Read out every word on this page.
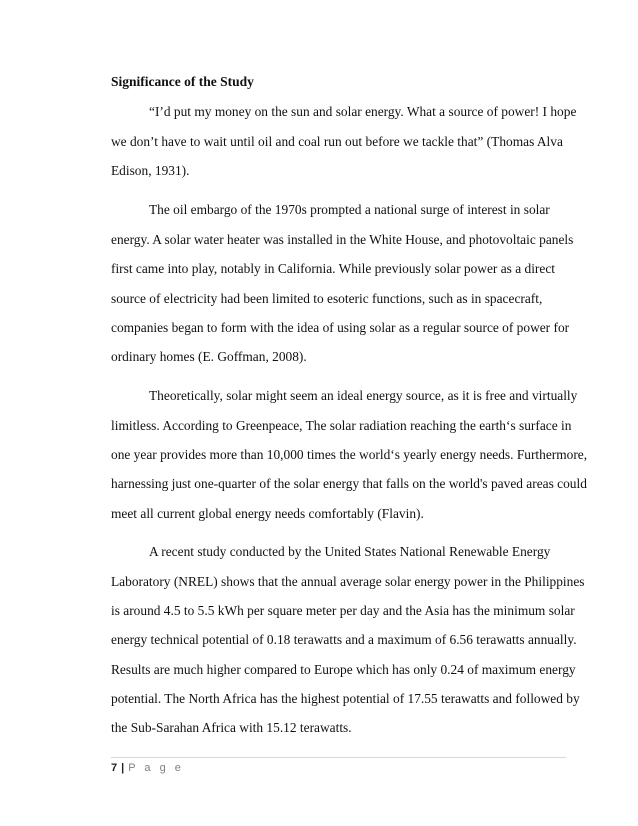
Significance of the Study
“I’d put my money on the sun and solar energy. What a source of power! I hope
we don’t have to wait until oil and coal run out before we tackle that” (Thomas Alva
Edison, 1931).
The oil embargo of the 1970s prompted a national surge of interest in solar
energy. A solar water heater was installed in the White House, and photovoltaic panels
first came into play, notably in California. While previously solar power as a direct
source of electricity had been limited to esoteric functions, such as in spacecraft,
companies began to form with the idea of using solar as a regular source of power for
ordinary homes (E. Goffman, 2008).
Theoretically, solar might seem an ideal energy source, as it is free and virtually
limitless. According to Greenpeace, The solar radiation reaching the earth‘s surface in
one year provides more than 10,000 times the world‘s yearly energy needs. Furthermore,
harnessing just one-quarter of the solar energy that falls on the world's paved areas could
meet all current global energy needs comfortably (Flavin).
A recent study conducted by the United States National Renewable Energy
Laboratory (NREL) shows that the annual average solar energy power in the Philippines
is around 4.5 to 5.5 kWh per square meter per day and the Asia has the minimum solar
energy technical potential of 0.18 terawatts and a maximum of 6.56 terawatts annually.
Results are much higher compared to Europe which has only 0.24 of maximum energy
potential. The North Africa has the highest potential of 17.55 terawatts and followed by
the Sub-Sarahan Africa with 15.12 terawatts.
7 | P a g e
